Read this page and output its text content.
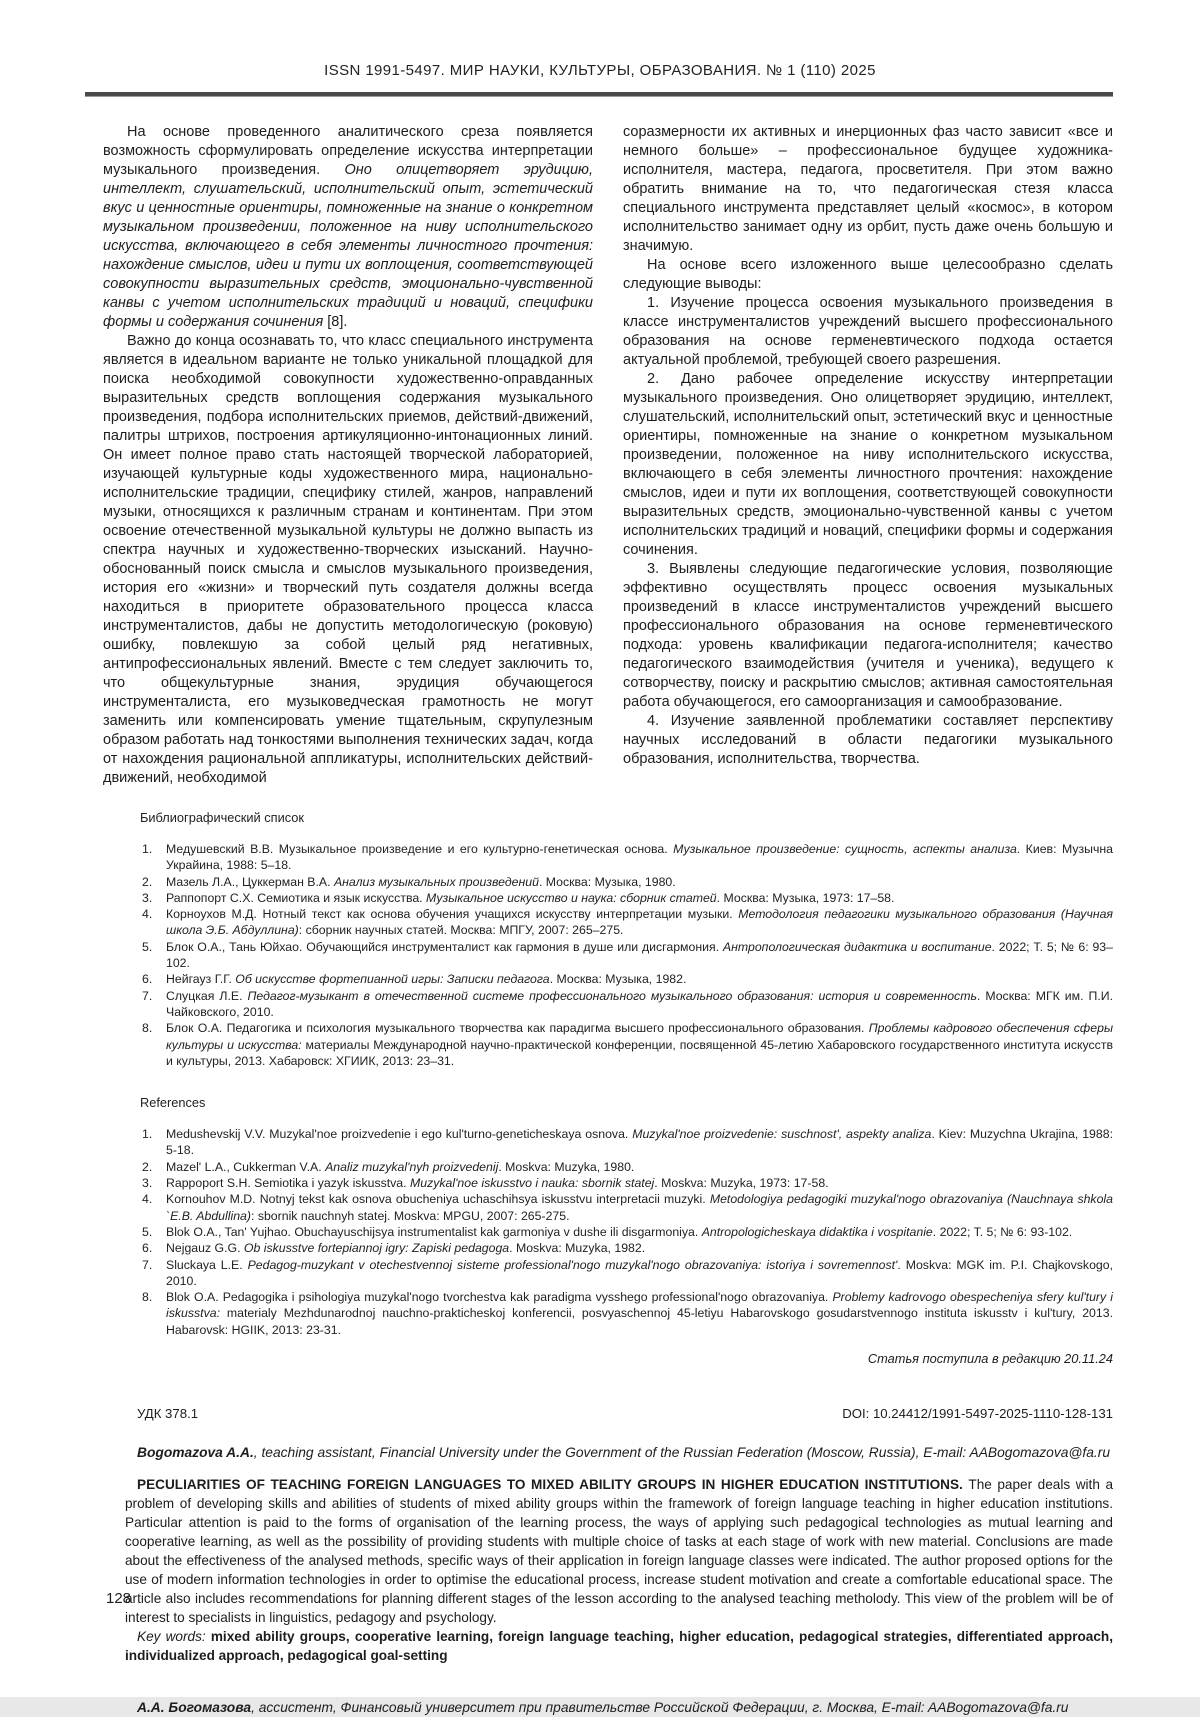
ISSN 1991-5497. МИР НАУКИ, КУЛЬТУРЫ, ОБРАЗОВАНИЯ. № 1 (110) 2025

На основе проведенного аналитического среза появляется возможность сформулировать определение искусства интерпретации музыкального произведения. Оно олицетворяет эрудицию, интеллект, слушательский, исполнительский опыт, эстетический вкус и ценностные ориентиры, помноженные на знание о конкретном музыкальном произведении, положенное на ниву исполнительского искусства, включающего в себя элементы личностного прочтения: нахождение смыслов, идеи и пути их воплощения, соответствующей совокупности выразительных средств, эмоционально-чувственной канвы с учетом исполнительских традиций и новаций, специфики формы и содержания сочинения [8].

Важно до конца осознавать то, что класс специального инструмента является в идеальном варианте не только уникальной площадкой для поиска необходимой совокупности художественно-оправданных выразительных средств воплощения содержания музыкального произведения, подбора исполнительских приемов, действий-движений, палитры штрихов, построения артикуляционно-интонационных линий. Он имеет полное право стать настоящей творческой лабораторией, изучающей культурные коды художественного мира, национально-исполнительские традиции, специфику стилей, жанров, направлений музыки, относящихся к различным странам и континентам. При этом освоение отечественной музыкальной культуры не должно выпасть из спектра научных и художественно-творческих изысканий. Научно-обоснованный поиск смысла и смыслов музыкального произведения, история его «жизни» и творческий путь создателя должны всегда находиться в приоритете образовательного процесса класса инструменталистов, дабы не допустить методологическую (роковую) ошибку, повлекшую за собой целый ряд негативных, антипрофессиональных явлений. Вместе с тем следует заключить то, что общекультурные знания, эрудиция обучающегося инструменталиста, его музыковедческая грамотность не могут заменить или компенсировать умение тщательным, скрупулезным образом работать над тонкостями выполнения технических задач, когда от нахождения рациональной аппликатуры, исполнительских действий-движений, необходимой

соразмерности их активных и инерционных фаз часто зависит «все и немного больше» – профессиональное будущее художника-исполнителя, мастера, педагога, просветителя. При этом важно обратить внимание на то, что педагогическая стезя класса специального инструмента представляет целый «космос», в котором исполнительство занимает одну из орбит, пусть даже очень большую и значимую.

На основе всего изложенного выше целесообразно сделать следующие выводы:

1. Изучение процесса освоения музыкального произведения в классе инструменталистов учреждений высшего профессионального образования на основе герменевтического подхода остается актуальной проблемой, требующей своего разрешения.

2. Дано рабочее определение искусству интерпретации музыкального произведения. Оно олицетворяет эрудицию, интеллект, слушательский, исполнительский опыт, эстетический вкус и ценностные ориентиры, помноженные на знание о конкретном музыкальном произведении, положенное на ниву исполнительского искусства, включающего в себя элементы личностного прочтения: нахождение смыслов, идеи и пути их воплощения, соответствующей совокупности выразительных средств, эмоционально-чувственной канвы с учетом исполнительских традиций и новаций, специфики формы и содержания сочинения.

3. Выявлены следующие педагогические условия, позволяющие эффективно осуществлять процесс освоения музыкальных произведений в классе инструменталистов учреждений высшего профессионального образования на основе герменевтического подхода: уровень квалификации педагога-исполнителя; качество педагогического взаимодействия (учителя и ученика), ведущего к сотворчеству, поиску и раскрытию смыслов; активная самостоятельная работа обучающегося, его самоорганизация и самообразование.

4. Изучение заявленной проблематики составляет перспективу научных исследований в области педагогики музыкального образования, исполнительства, творчества.

Библиографический список
Медушевский В.В. Музыкальное произведение и его культурно-генетическая основа. Музыкальное произведение: сущность, аспекты анализа. Киев: Музычна Украйина, 1988: 5–18.
Мазель Л.А., Цуккерман В.А. Анализ музыкальных произведений. Москва: Музыка, 1980.
Раппопорт С.Х. Семиотика и язык искусства. Музыкальное искусство и наука: сборник статей. Москва: Музыка, 1973: 17–58.
Корноухов М.Д. Нотный текст как основа обучения учащихся искусству интерпретации музыки. Методология педагогики музыкального образования (Научная школа Э.Б. Абдуллина): сборник научных статей. Москва: МПГУ, 2007: 265–275.
Блок О.А., Тань Юйхао. Обучающийся инструменталист как гармония в душе или дисгармония. Антропологическая дидактика и воспитание. 2022; Т. 5; № 6: 93–102.
Нейгауз Г.Г. Об искусстве фортепианной игры: Записки педагога. Москва: Музыка, 1982.
Слуцкая Л.Е. Педагог-музыкант в отечественной системе профессионального музыкального образования: история и современность. Москва: МГК им. П.И. Чайковского, 2010.
Блок О.А. Педагогика и психология музыкального творчества как парадигма высшего профессионального образования. Проблемы кадрового обеспечения сферы культуры и искусства: материалы Международной научно-практической конференции, посвященной 45-летию Хабаровского государственного института искусств и культуры, 2013. Хабаровск: ХГИИК, 2013: 23–31.
References
Medushevskij V.V. Muzykal'noe proizvedenie i ego kul'turno-geneticheskaya osnova. Muzykal'noe proizvedenie: suschnost', aspekty analiza. Kiev: Muzychna Ukrajina, 1988: 5-18.
Mazel' L.A., Cukkerman V.A. Analiz muzykal'nyh proizvedenij. Moskva: Muzyka, 1980.
Rappoport S.H. Semiotika i yazyk iskusstva. Muzykal'noe iskusstvo i nauka: sbornik statej. Moskva: Muzyka, 1973: 17-58.
Kornouhov M.D. Notnyj tekst kak osnova obucheniya uchaschihsya iskusstvu interpretacii muzyki. Metodologiya pedagogiki muzykal'nogo obrazovaniya (Nauchnaya shkola `E.B. Abdullina): sbornik nauchnyh statej. Moskva: MPGU, 2007: 265-275.
Blok O.A., Tan' Yujhao. Obuchayuschijsya instrumentalist kak garmoniya v dushe ili disgarmoniya. Antropologicheskaya didaktika i vospitanie. 2022; T. 5; № 6: 93-102.
Nejgauz G.G. Ob iskusstve fortepiannoj igry: Zapiski pedagoga. Moskva: Muzyka, 1982.
Sluckaya L.E. Pedagog-muzykant v otechestvennoj sisteme professional'nogo muzykal'nogo obrazovaniya: istoriya i sovremennost'. Moskva: MGK im. P.I. Chajkovskogo, 2010.
Blok O.A. Pedagogika i psihologiya muzykal'nogo tvorchestva kak paradigma vysshego professional'nogo obrazovaniya. Problemy kadrovogo obespecheniya sfery kul'tury i iskusstva: materialy Mezhdunarodnoj nauchno-prakticheskoj konferencii, posvyaschennoj 45-letiyu Habarovskogo gosudarstvennogo instituta iskusstv i kul'tury, 2013. Habarovsk: HGIIK, 2013: 23-31.
Статья поступила в редакцию 20.11.24
УДК 378.1	DOI: 10.24412/1991-5497-2025-1110-128-131

Bogomazova A.A., teaching assistant, Financial University under the Government of the Russian Federation (Moscow, Russia), E-mail: AABogomazova@fa.ru

PECULIARITIES OF TEACHING FOREIGN LANGUAGES TO MIXED ABILITY GROUPS IN HIGHER EDUCATION INSTITUTIONS. The paper deals with a problem of developing skills and abilities of students of mixed ability groups within the framework of foreign language teaching in higher education institutions. Particular attention is paid to the forms of organisation of the learning process, the ways of applying such pedagogical technologies as mutual learning and cooperative learning, as well as the possibility of providing students with multiple choice of tasks at each stage of work with new material. Conclusions are made about the effectiveness of the analysed methods, specific ways of their application in foreign language classes were indicated. The author proposed options for the use of modern information technologies in order to optimise the educational process, increase student motivation and create a comfortable educational space. The article also includes recommendations for planning different stages of the lesson according to the analysed teaching metholody. This view of the problem will be of interest to specialists in linguistics, pedagogy and psychology.

Key words: mixed ability groups, cooperative learning, foreign language teaching, higher education, pedagogical strategies, differentiated approach, individualized approach, pedagogical goal-setting

А.А. Богомазова, ассистент, Финансовый университет при правительстве Российской Федерации, г. Москва, E-mail: AABogomazova@fa.ru

128
